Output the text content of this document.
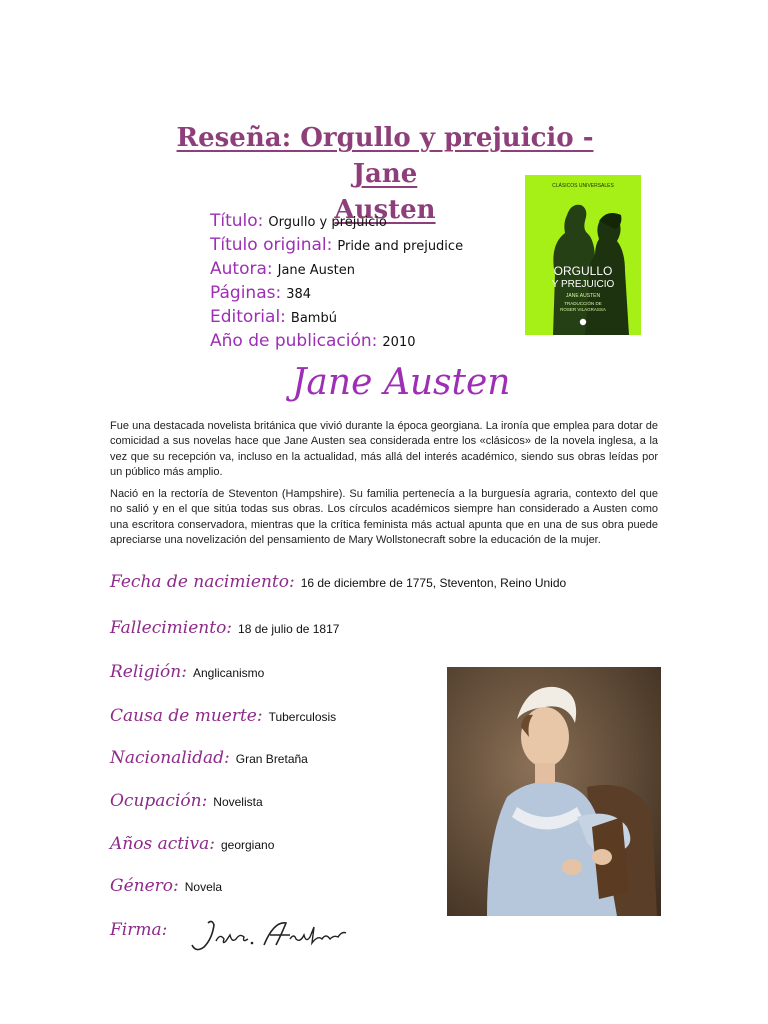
Reseña: Orgullo y prejuicio - Jane
Austen
Título: Orgullo y prejuicio
Título original: Pride and prejudice
Autora: Jane Austen
Páginas: 384
Editorial: Bambú
Año de publicación: 2010
CLÁSICOS UNIVERSALES
ORGULLO
Y PREJUICIO
JANE AUSTEN
TRADUCCIÓN DE
ROSER VILAGRASSA
Jane Austen

Fue una destacada novelista británica que vivió durante la época georgiana. La ironía que emplea para dotar de comicidad a sus novelas hace que Jane Austen sea considerada entre los «clásicos» de la novela inglesa, a la vez que su recepción va, incluso en la actualidad, más allá del interés académico, siendo sus obras leídas por un público más amplio.

Nació en la rectoría de Steventon (Hampshire). Su familia pertenecía a la burguesía agraria, contexto del que no salió y en el que sitúa todas sus obras. Los círculos académicos siempre han considerado a Austen como una escritora conservadora, mientras que la crítica feminista más actual apunta que en una de sus obra puede apreciarse una novelización del pensamiento de Mary Wollstonecraft sobre la educación de la mujer.

Fecha de nacimiento: 16 de diciembre de 1775, Steventon, Reino Unido
Fallecimiento: 18 de julio de 1817
Religión: Anglicanismo
Causa de muerte: Tuberculosis
Nacionalidad: Gran Bretaña
Ocupación: Novelista
Años activa: georgiano
Género: Novela
Firma:
